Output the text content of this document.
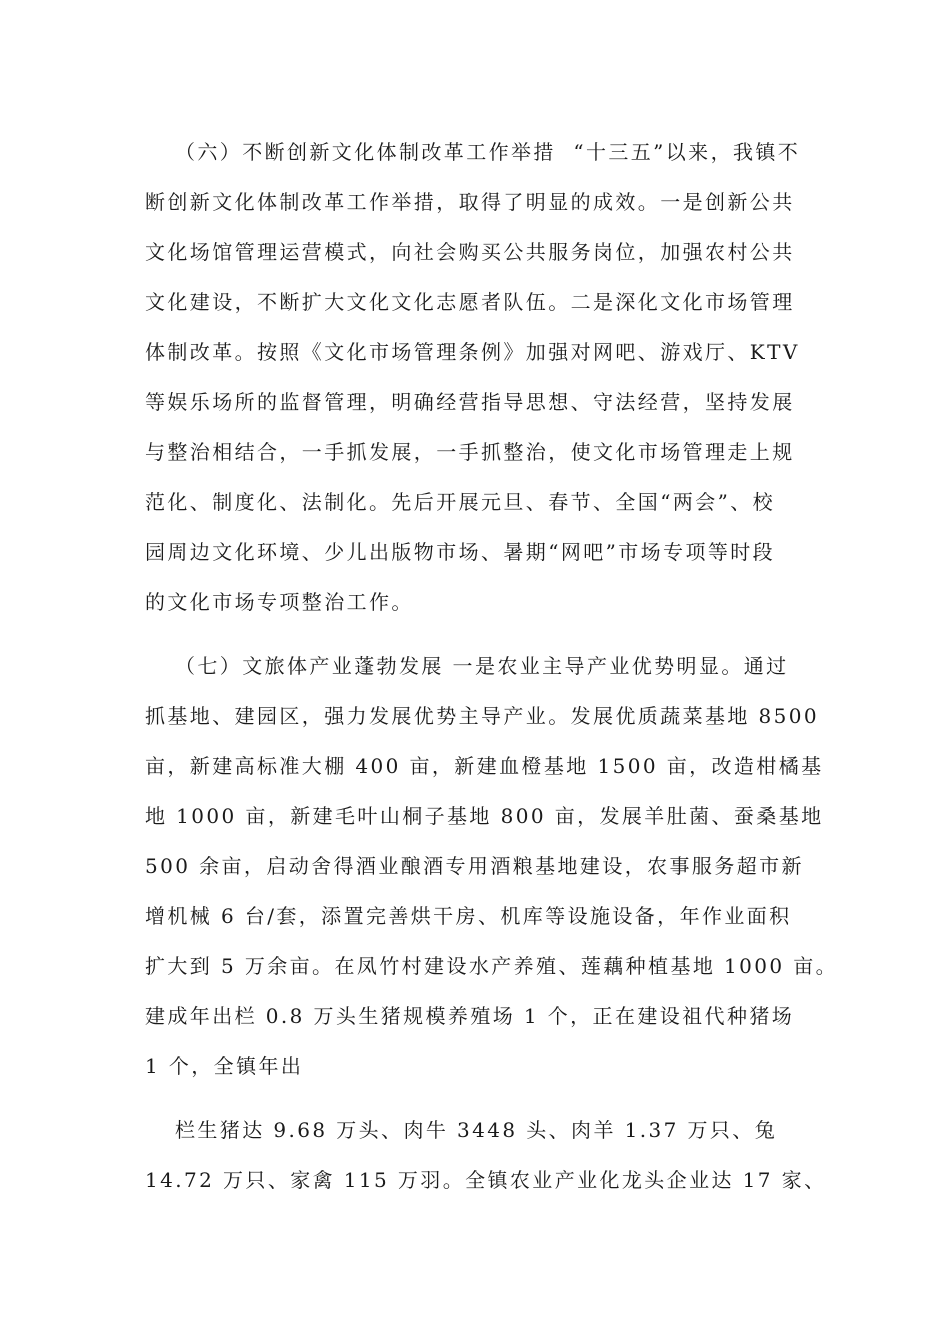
（六）不断创新文化体制改革工作举措  “十三五”以来，我镇不
断创新文化体制改革工作举措，取得了明显的成效。一是创新公共
文化场馆管理运营模式，向社会购买公共服务岗位，加强农村公共
文化建设，不断扩大文化文化志愿者队伍。二是深化文化市场管理
体制改革。按照《文化市场管理条例》加强对网吧、游戏厅、KTV
等娱乐场所的监督管理，明确经营指导思想、守法经营，坚持发展
与整治相结合，一手抓发展，一手抓整治，使文化市场管理走上规
范化、制度化、法制化。先后开展元旦、春节、全国“两会”、校
园周边文化环境、少儿出版物市场、暑期“网吧”市场专项等时段
的文化市场专项整治工作。
（七）文旅体产业蓬勃发展 一是农业主导产业优势明显。通过
抓基地、建园区，强力发展优势主导产业。发展优质蔬菜基地 8500
亩，新建高标准大棚 400 亩，新建血橙基地 1500 亩，改造柑橘基
地 1000 亩，新建毛叶山桐子基地 800 亩，发展羊肚菌、蚕桑基地
500 余亩，启动舍得酒业酿酒专用酒粮基地建设，农事服务超市新
增机械 6 台/套，添置完善烘干房、机库等设施设备，年作业面积
扩大到 5 万余亩。在凤竹村建设水产养殖、莲藕种植基地 1000 亩。
建成年出栏 0.8 万头生猪规模养殖场 1 个，正在建设祖代种猪场
1 个，全镇年出
栏生猪达 9.68 万头、肉牛 3448 头、肉羊 1.37 万只、兔
14.72 万只、家禽 115 万羽。全镇农业产业化龙头企业达 17 家、
